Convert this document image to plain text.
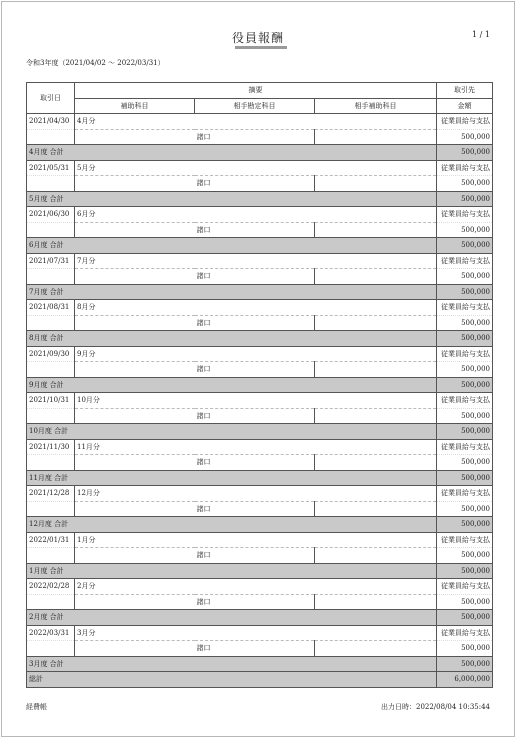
役員報酬	1 / 1
令和3年度（2021/04/02 ～ 2022/03/31）
取引日	摘要			取引先
	補助科目	相手勘定科目	相手補助科目	金額
2021/04/30	4月分			従業員給与支払
		諸口		500,000
4月度 合計				500,000
2021/05/31	5月分			従業員給与支払
		諸口		500,000
5月度 合計				500,000
2021/06/30	6月分			従業員給与支払
		諸口		500,000
6月度 合計				500,000
2021/07/31	7月分			従業員給与支払
		諸口		500,000
7月度 合計				500,000
2021/08/31	8月分			従業員給与支払
		諸口		500,000
8月度 合計				500,000
2021/09/30	9月分			従業員給与支払
		諸口		500,000
9月度 合計				500,000
2021/10/31	10月分			従業員給与支払
		諸口		500,000
10月度 合計				500,000
2021/11/30	11月分			従業員給与支払
		諸口		500,000
11月度 合計				500,000
2021/12/28	12月分			従業員給与支払
		諸口		500,000
12月度 合計				500,000
2022/01/31	1月分			従業員給与支払
		諸口		500,000
1月度 合計				500,000
2022/02/28	2月分			従業員給与支払
		諸口		500,000
2月度 合計				500,000
2022/03/31	3月分			従業員給与支払
		諸口		500,000
3月度 合計				500,000
総計				6,000,000
経費帳	出力日時：2022/08/04 10:35:44
